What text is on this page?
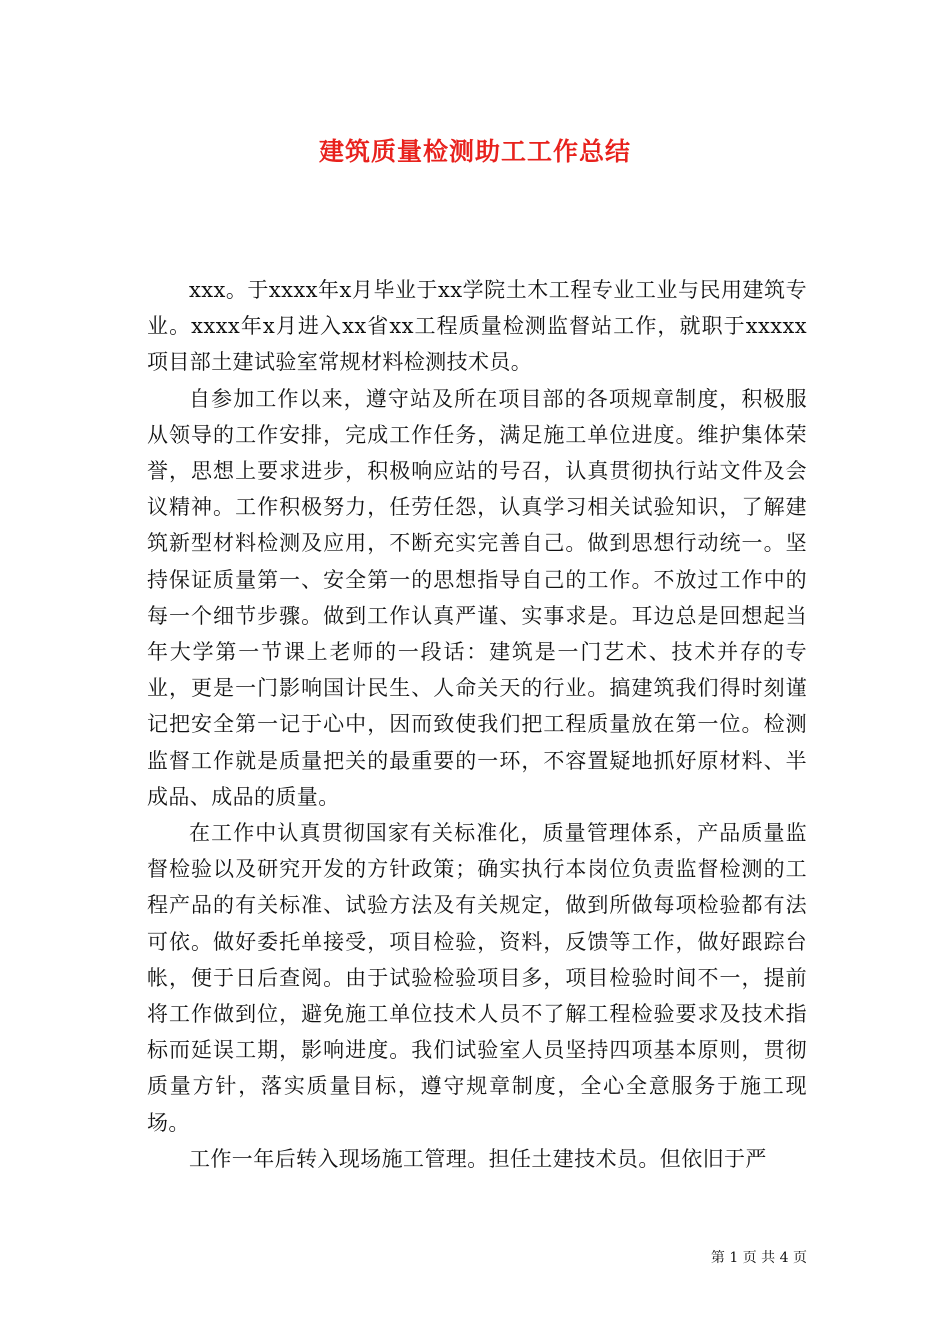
建筑质量检测助工工作总结

xxx。于xxxx年x月毕业于xx学院土木工程专业工业与民用建筑专业。xxxx年x月进入xx省xx工程质量检测监督站工作，就职于xxxxx项目部土建试验室常规材料检测技术员。

自参加工作以来，遵守站及所在项目部的各项规章制度，积极服从领导的工作安排，完成工作任务，满足施工单位进度。维护集体荣誉，思想上要求进步，积极响应站的号召，认真贯彻执行站文件及会议精神。工作积极努力，任劳任怨，认真学习相关试验知识，了解建筑新型材料检测及应用，不断充实完善自己。做到思想行动统一。坚持保证质量第一、安全第一的思想指导自己的工作。不放过工作中的每一个细节步骤。做到工作认真严谨、实事求是。耳边总是回想起当年大学第一节课上老师的一段话：建筑是一门艺术、技术并存的专业，更是一门影响国计民生、人命关天的行业。搞建筑我们得时刻谨记把安全第一记于心中，因而致使我们把工程质量放在第一位。检测监督工作就是质量把关的最重要的一环，不容置疑地抓好原材料、半成品、成品的质量。

在工作中认真贯彻国家有关标准化，质量管理体系，产品质量监督检验以及研究开发的方针政策；确实执行本岗位负责监督检测的工程产品的有关标准、试验方法及有关规定，做到所做每项检验都有法可依。做好委托单接受，项目检验，资料，反馈等工作，做好跟踪台帐，便于日后查阅。由于试验检验项目多，项目检验时间不一，提前将工作做到位，避免施工单位技术人员不了解工程检验要求及技术指标而延误工期，影响进度。我们试验室人员坚持四项基本原则，贯彻质量方针，落实质量目标，遵守规章制度，全心全意服务于施工现场。

工作一年后转入现场施工管理。担任土建技术员。但依旧于严

第 1 页 共 4 页
